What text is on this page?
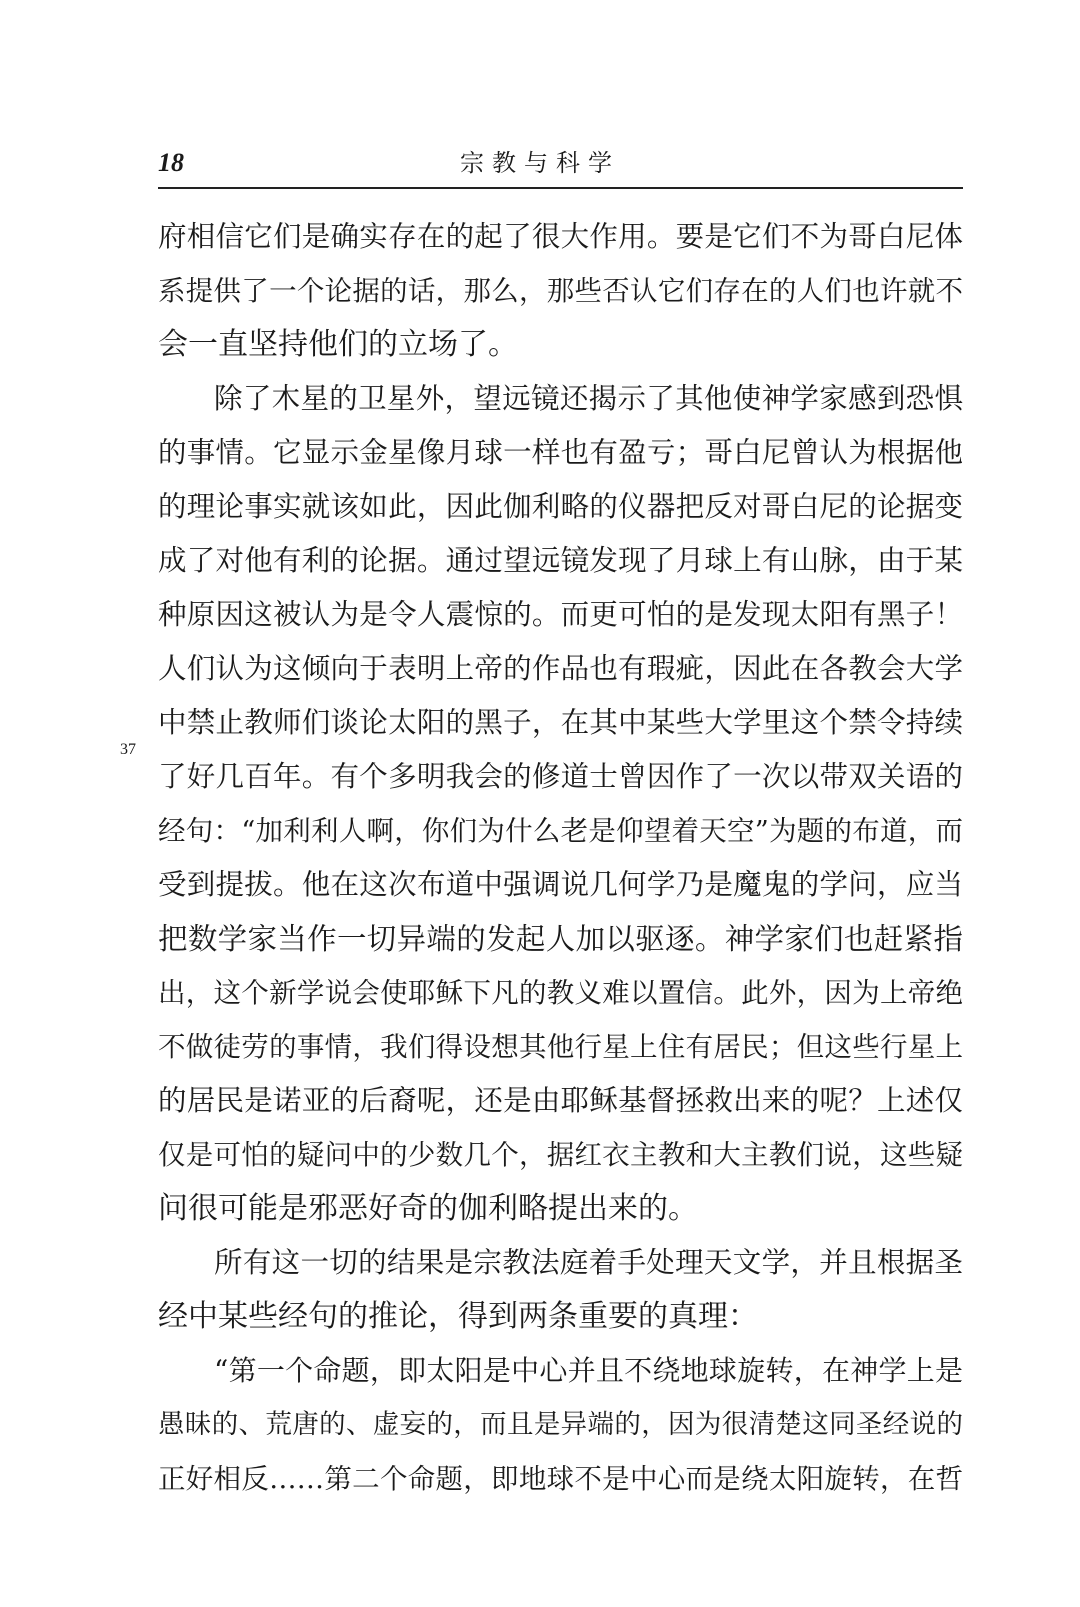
18	宗教与科学
37
府相信它们是确实存在的起了很大作用。要是它们不为哥白尼体
系提供了一个论据的话，那么，那些否认它们存在的人们也许就不
会一直坚持他们的立场了。
除了木星的卫星外，望远镜还揭示了其他使神学家感到恐惧
的事情。它显示金星像月球一样也有盈亏；哥白尼曾认为根据他
的理论事实就该如此，因此伽利略的仪器把反对哥白尼的论据变
成了对他有利的论据。通过望远镜发现了月球上有山脉，由于某
种原因这被认为是令人震惊的。而更可怕的是发现太阳有黑子！
人们认为这倾向于表明上帝的作品也有瑕疵，因此在各教会大学
中禁止教师们谈论太阳的黑子，在其中某些大学里这个禁令持续
了好几百年。有个多明我会的修道士曾因作了一次以带双关语的
经句：“加利利人啊，你们为什么老是仰望着天空”为题的布道，而
受到提拔。他在这次布道中强调说几何学乃是魔鬼的学问，应当
把数学家当作一切异端的发起人加以驱逐。神学家们也赶紧指
出，这个新学说会使耶稣下凡的教义难以置信。此外，因为上帝绝
不做徒劳的事情，我们得设想其他行星上住有居民；但这些行星上
的居民是诺亚的后裔呢，还是由耶稣基督拯救出来的呢？上述仅
仅是可怕的疑问中的少数几个，据红衣主教和大主教们说，这些疑
问很可能是邪恶好奇的伽利略提出来的。
所有这一切的结果是宗教法庭着手处理天文学，并且根据圣
经中某些经句的推论，得到两条重要的真理：
“第一个命题，即太阳是中心并且不绕地球旋转，在神学上是
愚昧的、荒唐的、虚妄的，而且是异端的，因为很清楚这同圣经说的
正好相反……第二个命题，即地球不是中心而是绕太阳旋转，在哲
